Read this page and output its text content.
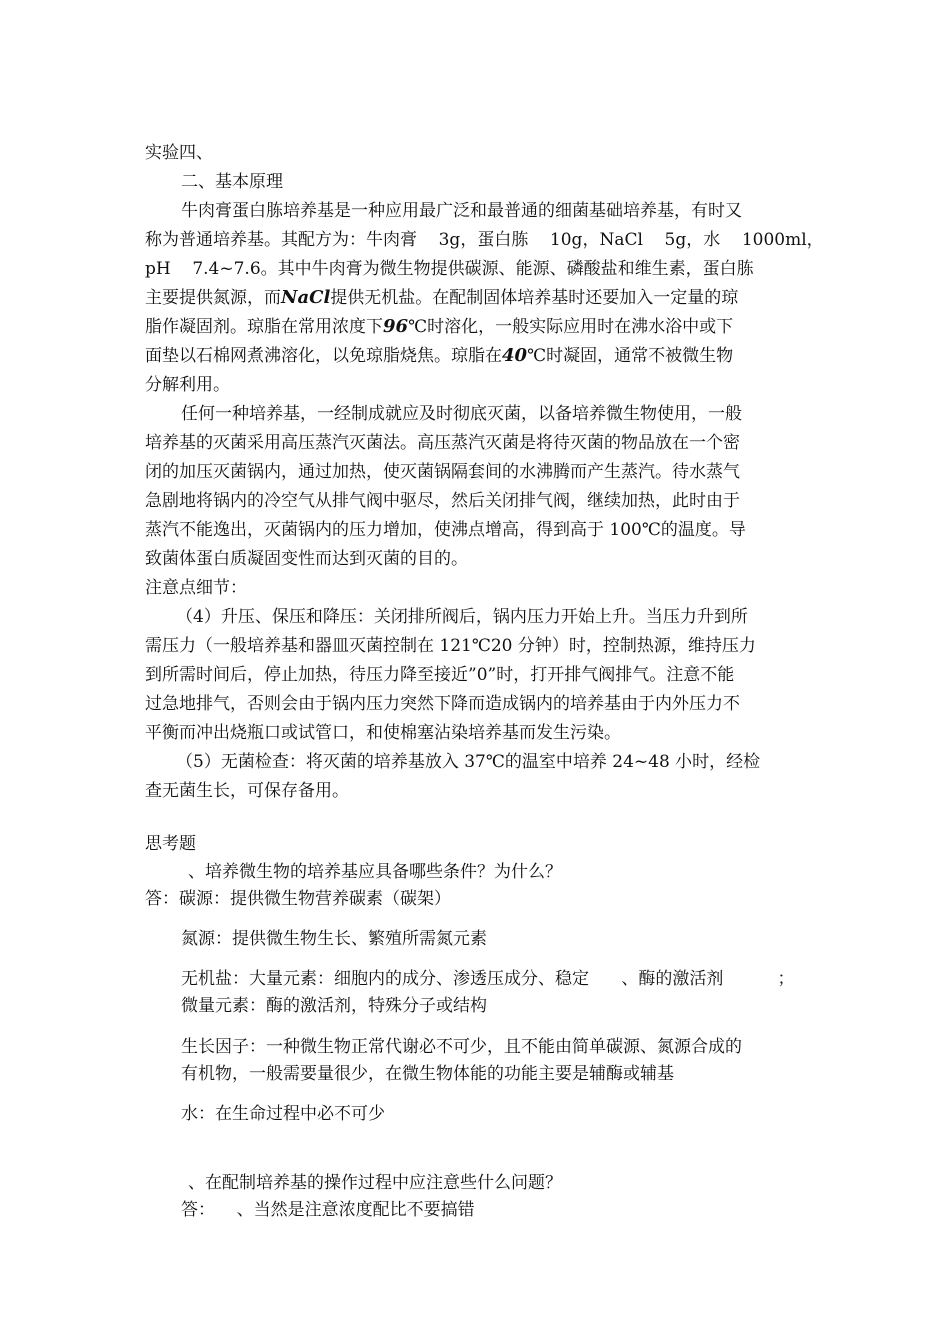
实验四、
二、基本原理
牛肉膏蛋白胨培养基是一种应用最广泛和最普通的细菌基础培养基，有时又
称为普通培养基。其配方为：牛肉膏    3g，蛋白胨    10g，NaCl    5g，水    1000ml，
pH    7.4~7.6。其中牛肉膏为微生物提供碳源、能源、磷酸盐和维生素，蛋白胨
主要提供氮源，而NaCl提供无机盐。在配制固体培养基时还要加入一定量的琼
脂作凝固剂。琼脂在常用浓度下96℃时溶化，一般实际应用时在沸水浴中或下
面垫以石棉网煮沸溶化，以免琼脂烧焦。琼脂在40℃时凝固，通常不被微生物
分解利用。
任何一种培养基，一经制成就应及时彻底灭菌，以备培养微生物使用，一般
培养基的灭菌采用高压蒸汽灭菌法。高压蒸汽灭菌是将待灭菌的物品放在一个密
闭的加压灭菌锅内，通过加热，使灭菌锅隔套间的水沸腾而产生蒸汽。待水蒸气
急剧地将锅内的冷空气从排气阀中驱尽，然后关闭排气阀，继续加热，此时由于
蒸汽不能逸出，灭菌锅内的压力增加，使沸点增高，得到高于 100℃的温度。导
致菌体蛋白质凝固变性而达到灭菌的目的。
注意点细节：
（4）升压、保压和降压：关闭排所阀后，锅内压力开始上升。当压力升到所
需压力（一般培养基和器皿灭菌控制在 121℃20 分钟）时，控制热源，维持压力
到所需时间后，停止加热，待压力降至接近”0”时，打开排气阀排气。注意不能
过急地排气，否则会由于锅内压力突然下降而造成锅内的培养基由于内外压力不
平衡而冲出烧瓶口或试管口，和使棉塞沾染培养基而发生污染。
（5）无菌检查：将灭菌的培养基放入 37℃的温室中培养 24~48 小时，经检
查无菌生长，可保存备用。
思考题
、培养微生物的培养基应具备哪些条件？为什么？
答：碳源：提供微生物营养碳素（碳架）
氮源：提供微生物生长、繁殖所需氮元素
无机盐：大量元素：细胞内的成分、渗透压成分、稳定      、酶的激活剂          ；
微量元素：酶的激活剂，特殊分子或结构
生长因子：一种微生物正常代谢必不可少，且不能由简单碳源、氮源合成的
有机物，一般需要量很少，在微生物体能的功能主要是辅酶或辅基
水：在生命过程中必不可少
、在配制培养基的操作过程中应注意些什么问题？
答：    、当然是注意浓度配比不要搞错
